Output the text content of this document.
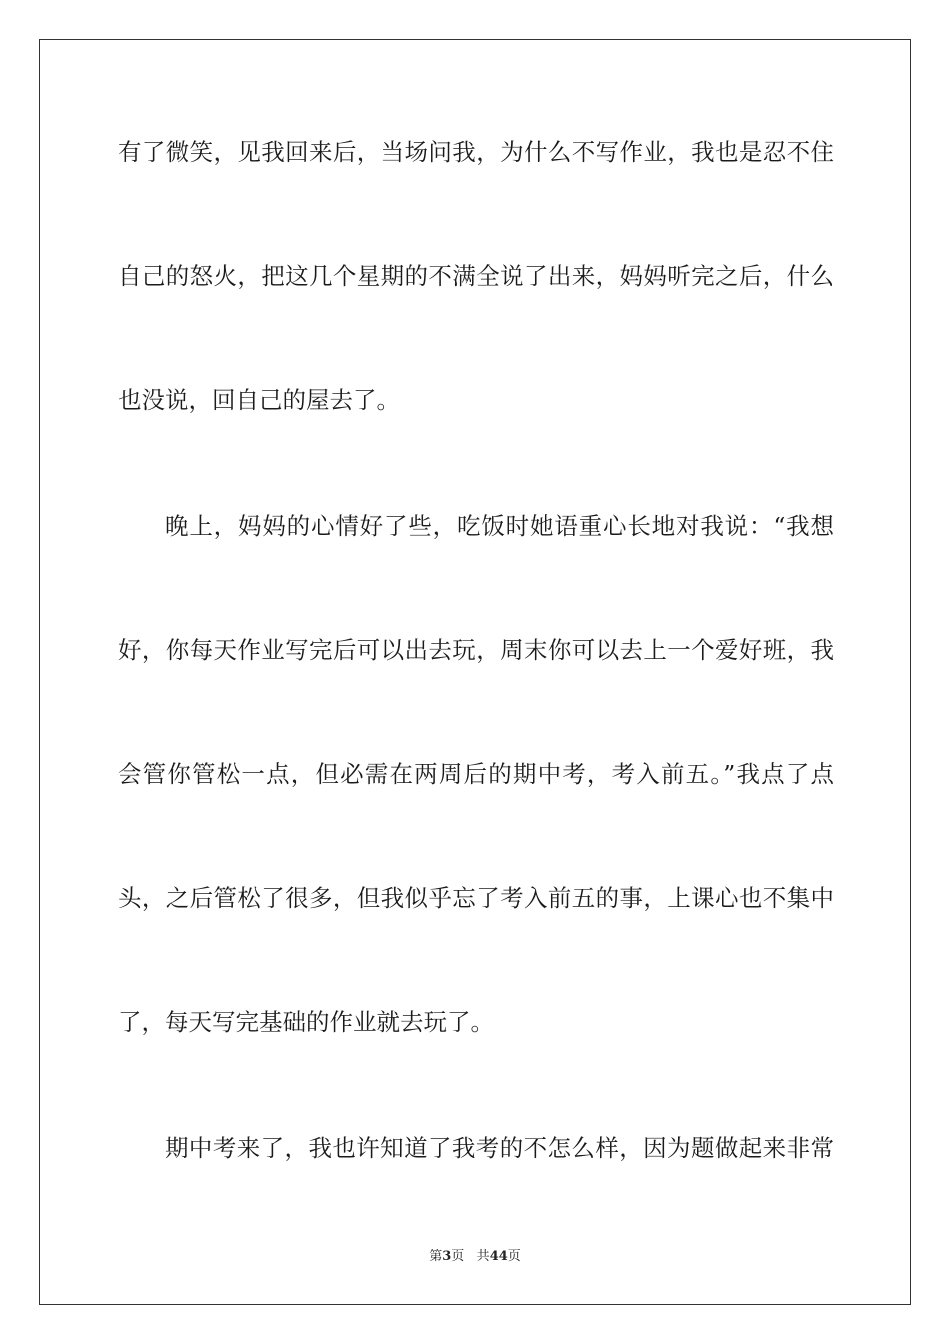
有了微笑，见我回来后，当场问我，为什么不写作业，我也是忍不住
自己的怒火，把这几个星期的不满全说了出来，妈妈听完之后，什么
也没说，回自己的屋去了。
晚上，妈妈的心情好了些，吃饭时她语重心长地对我说：“我想
好，你每天作业写完后可以出去玩，周末你可以去上一个爱好班，我
会管你管松一点，但必需在两周后的期中考，考入前五。”我点了点
头，之后管松了很多，但我似乎忘了考入前五的事，上课心也不集中
了，每天写完基础的作业就去玩了。
期中考来了，我也许知道了我考的不怎么样，因为题做起来非常
第3页 共44页
